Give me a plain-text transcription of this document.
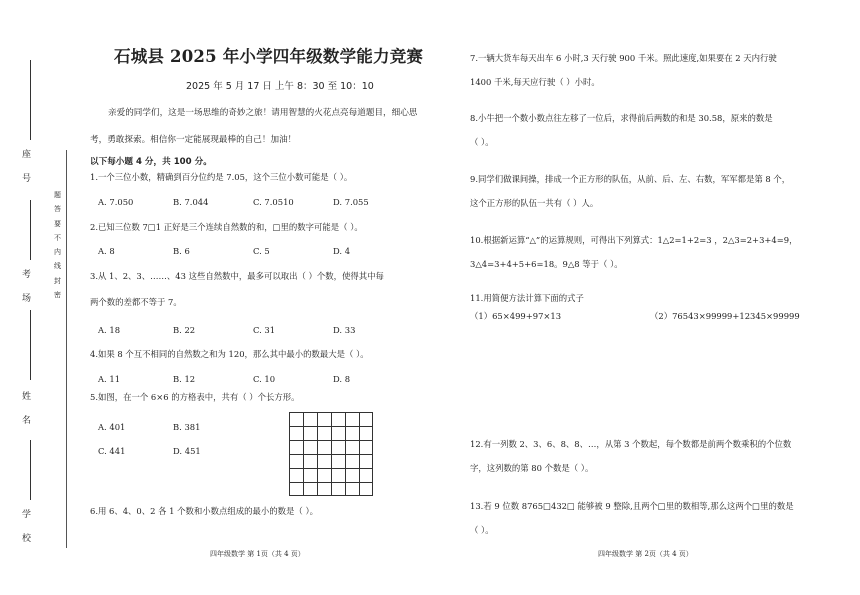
座
号
考
场
姓
名
学
校
题
答
要
不
内
线
封
密
石城县 2025 年小学四年级数学能力竞赛
2025 年 5 月 17 日 上午 8：30 至 10：10
亲爱的同学们，这是一场思维的奇妙之旅！请用智慧的火花点亮每道题目，细心思考，勇敢探索。相信你一定能展现最棒的自己！加油！
以下每小题 4 分，共 100 分。
1.一个三位小数，精确到百分位约是 7.05，这个三位小数可能是（ ）。
A. 7.050	B. 7.044	C. 7.0510	D. 7.055
2.已知三位数 7□1 正好是三个连续自然数的和，□里的数字可能是（ ）。
A. 8	B. 6	C. 5	D. 4
3.从 1、2、3、……、43 这些自然数中，最多可以取出（ ）个数，使得其中每
两个数的差都不等于 7。
A. 18	B. 22	C. 31	D. 33
4.如果 8 个互不相同的自然数之和为 120，那么其中最小的数最大是（ ）。
A. 11	B. 12	C. 10	D. 8
5.如图，在一个 6×6 的方格表中，共有（ ）个长方形。
A. 401	B. 381
C. 441	D. 451
6.用 6、4、0、2 各 1 个数和小数点组成的最小的数是（ ）。
四年级数学 第 1页（共 4 页）
7.一辆大货车每天出车 6 小时,3 天行驶 900 千米。照此速度,如果要在 2 天内行驶
1400 千米,每天应行驶（ ）小时。
8.小牛把一个数小数点往左移了一位后，求得前后两数的和是 30.58，原来的数是
（ ）。
9.同学们做课间操，排成一个正方形的队伍，从前、后、左、右数，军军都是第 8 个，
这个正方形的队伍一共有（ ）人。
10.根据新运算“△”的运算规则，可得出下列算式：1△2=1+2=3 ，2△3=2+3+4=9，
3△4=3+4+5+6=18。9△8 等于（ ）。
11.用简便方法计算下面的式子
（1）65×499+97×13	（2）76543×99999+12345×99999
12.有一列数 2、3、6、8、8、…，从第 3 个数起，每个数都是前两个数乘积的个位数
字，这列数的第 80 个数是（ ）。
13.若 9 位数 8765□432□ 能够被 9 整除,且两个□里的数相等,那么这两个□里的数是
（ ）。
四年级数学 第 2页（共 4 页）
